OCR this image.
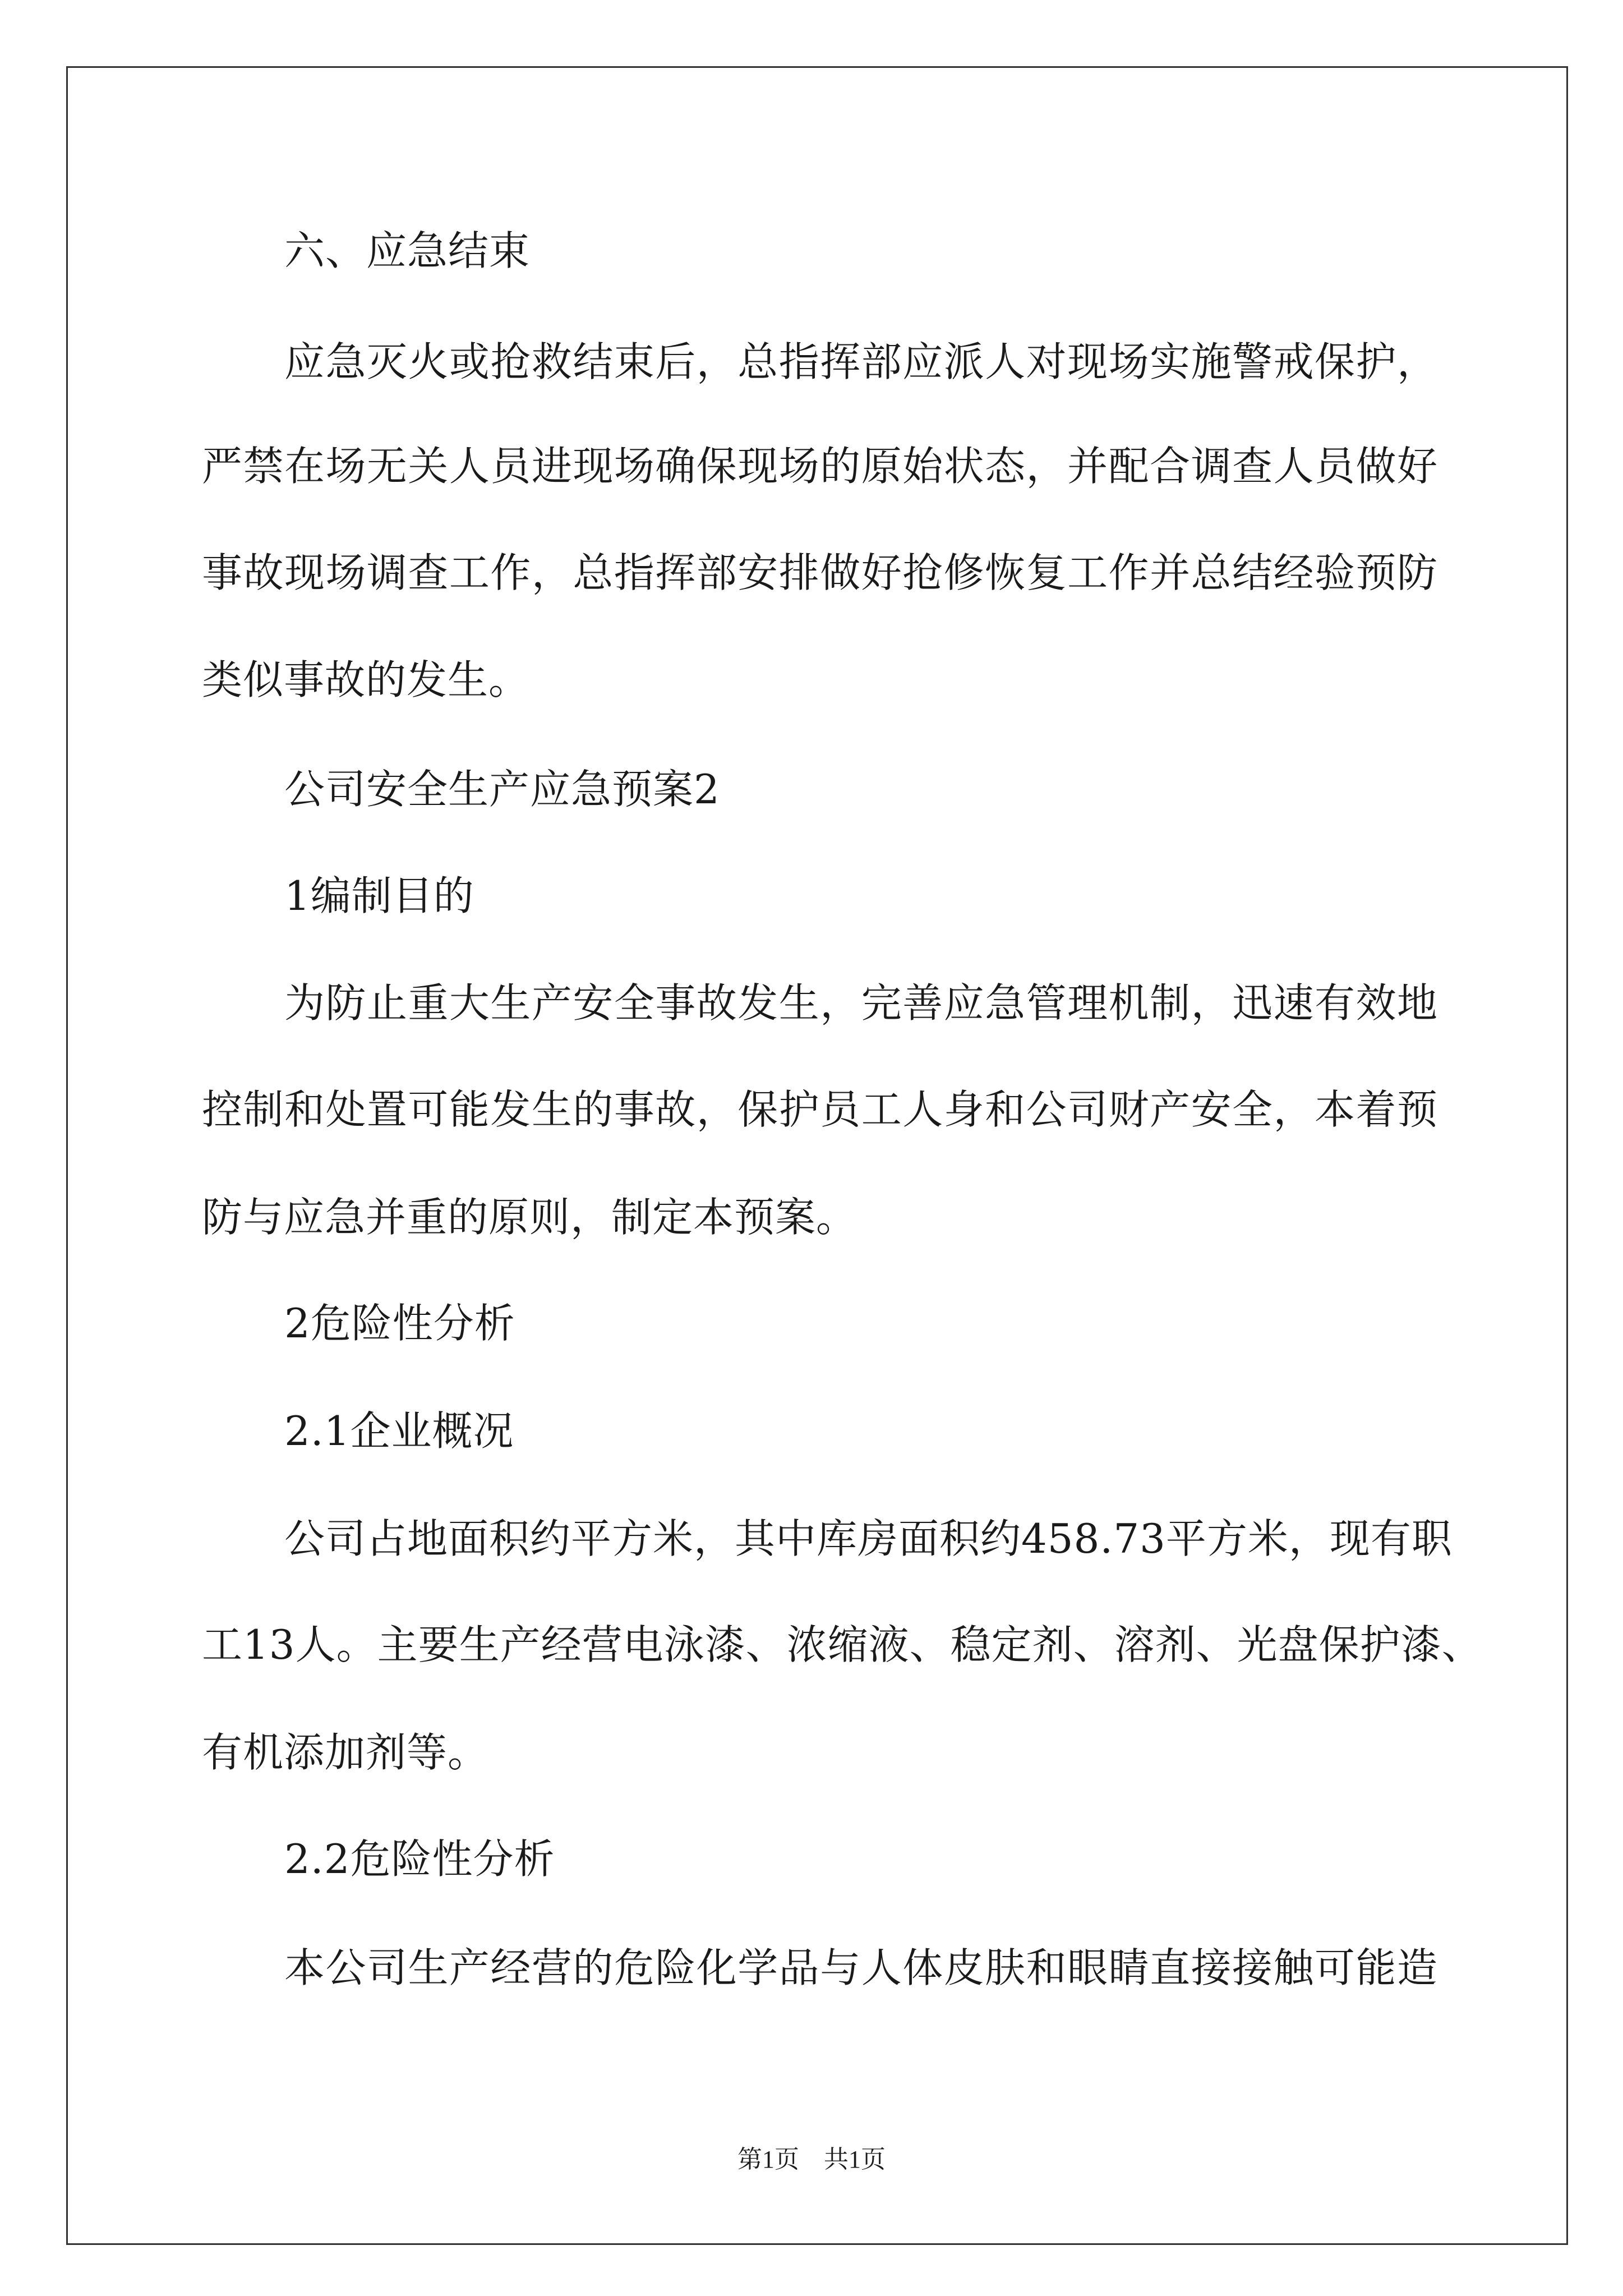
六、应急结束
应急灭火或抢救结束后，总指挥部应派人对现场实施警戒保护，
严禁在场无关人员进现场确保现场的原始状态，并配合调查人员做好
事故现场调查工作，总指挥部安排做好抢修恢复工作并总结经验预防
类似事故的发生。
公司安全生产应急预案2
1编制目的
为防止重大生产安全事故发生，完善应急管理机制，迅速有效地
控制和处置可能发生的事故，保护员工人身和公司财产安全，本着预
防与应急并重的原则，制定本预案。
2危险性分析
2.1企业概况
公司占地面积约平方米，其中库房面积约458.73平方米，现有职
工13人。主要生产经营电泳漆、浓缩液、稳定剂、溶剂、光盘保护漆、
有机添加剂等。
2.2危险性分析
本公司生产经营的危险化学品与人体皮肤和眼睛直接接触可能造
第1页　共1页
